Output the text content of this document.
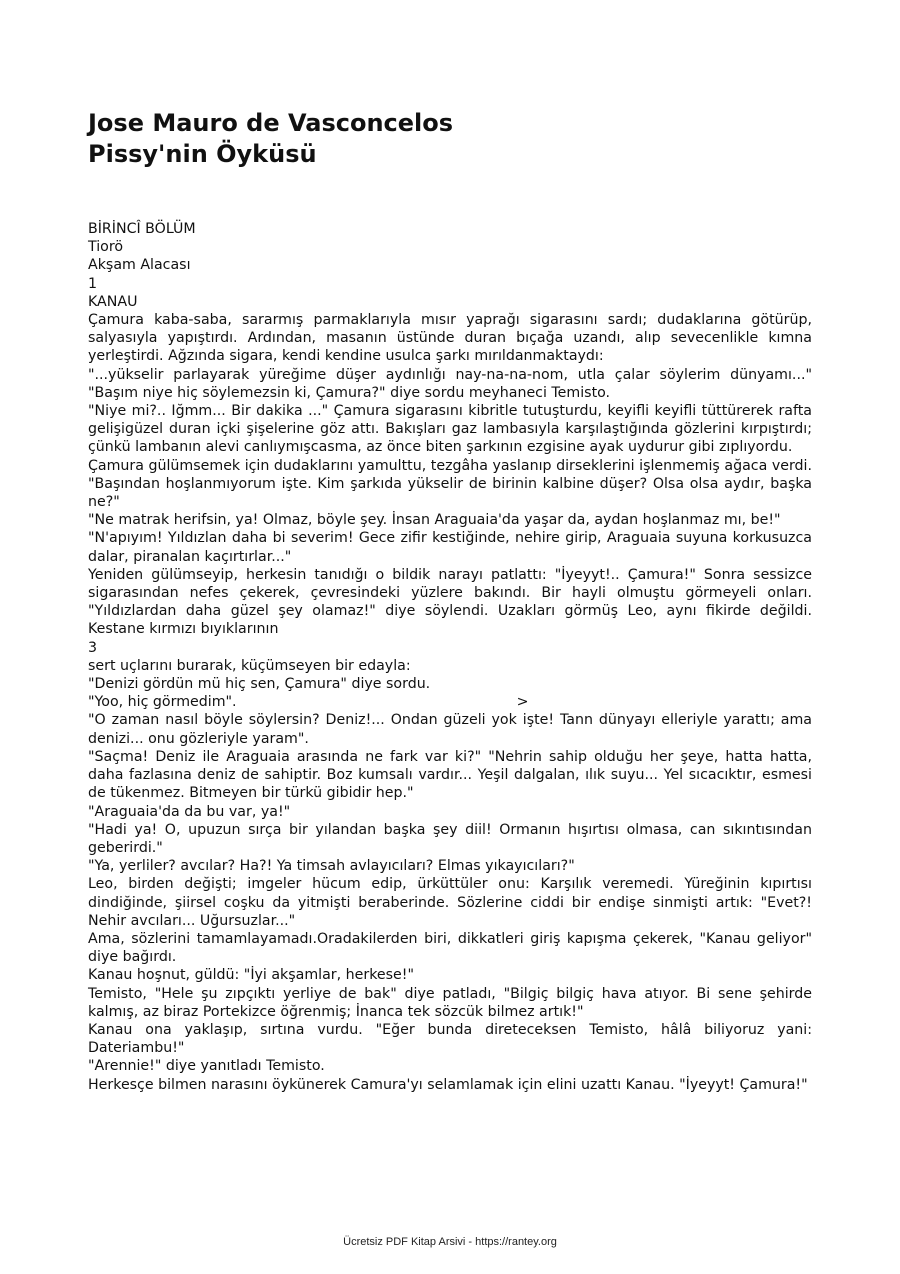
Jose Mauro de Vasconcelos

Pissy'nin Öyküsü

BİRİNCÎ BÖLÜM

Tiorö

Akşam Alacası

1

KANAU

Çamura kaba-saba, sararmış parmaklarıyla mısır yaprağı sigarasını sardı; dudaklarına götürüp, salyasıyla yapıştırdı. Ardından, masanın üstünde duran bıçağa uzandı, alıp sevecenlikle kımna yerleştirdi. Ağzında sigara, kendi kendine usulca şarkı mırıldanmaktaydı:

"...yükselir parlayarak yüreğime düşer aydınlığı nay-na-na-nom, utla çalar söylerim dünyamı..." "Başım niye hiç söylemezsin ki, Çamura?" diye sordu meyhaneci Temisto.

"Niye mi?.. Iğmm... Bir dakika ..." Çamura sigarasını kibritle tutuşturdu, keyifli keyifli tüttürerek rafta gelişigüzel duran içki şişelerine göz attı. Bakışları gaz lambasıyla karşılaştığında gözlerini kırpıştırdı; çünkü lambanın alevi canlıymışcasma, az önce biten şarkının ezgisine ayak uydurur gibi zıplıyordu.

Çamura gülümsemek için dudaklarını yamulttu, tezgâha yaslanıp dirseklerini işlenmemiş ağaca verdi. "Başından hoşlanmıyorum işte. Kim şarkıda yükselir de birinin kalbine düşer? Olsa olsa aydır, başka ne?"

"Ne matrak herifsin, ya! Olmaz, böyle şey. İnsan Araguaia'da yaşar da, aydan hoşlanmaz mı, be!"

"N'apıyım! Yıldızlan daha bi severim! Gece zifir kestiğinde, nehire girip, Araguaia suyuna korkusuzca dalar, piranalan kaçırtırlar..."

Yeniden gülümseyip, herkesin tanıdığı o bildik narayı patlattı: "İyeyyt!.. Çamura!" Sonra sessizce sigarasından nefes çekerek, çevresindeki yüzlere bakındı. Bir hayli olmuştu görmeyeli onları. "Yıldızlardan daha güzel şey olamaz!" diye söylendi. Uzakları görmüş Leo, aynı fikirde değildi. Kestane kırmızı bıyıklarının

3

sert uçlarını burarak, küçümseyen bir edayla:

"Denizi gördün mü hiç sen, Çamura" diye sordu.

"Yoo, hiç görmedim".	>

"O zaman nasıl böyle söylersin? Deniz!... Ondan güzeli yok işte! Tann dünyayı elleriyle yarattı; ama denizi... onu gözleriyle yaram".

"Saçma! Deniz ile Araguaia arasında ne fark var ki?" "Nehrin sahip olduğu her şeye, hatta hatta, daha fazlasına deniz de sahiptir. Boz kumsalı vardır... Yeşil dalgalan, ılık suyu... Yel sıcacıktır, esmesi de tükenmez. Bitmeyen bir türkü gibidir hep."

"Araguaia'da da bu var, ya!"

"Hadi ya! O, upuzun sırça bir yılandan başka şey diil! Ormanın hışırtısı olmasa, can sıkıntısından geberirdi."

"Ya, yerliler? avcılar? Ha?! Ya timsah avlayıcıları? Elmas yıkayıcıları?"

Leo, birden değişti; imgeler hücum edip, ürküttüler onu: Karşılık veremedi. Yüreğinin kıpırtısı dindiğinde, şiirsel coşku da yitmişti beraberinde. Sözlerine ciddi bir endişe sinmişti artık: "Evet?! Nehir avcıları... Uğursuzlar..."

Ama, sözlerini tamamlayamadı.Oradakilerden biri, dikkatleri giriş kapışma çekerek, "Kanau geliyor" diye bağırdı.

Kanau hoşnut, güldü: "İyi akşamlar, herkese!"

Temisto, "Hele şu zıpçıktı yerliye de bak" diye patladı, "Bilgiç bilgiç hava atıyor. Bi sene şehirde kalmış, az biraz Portekizce öğrenmiş; İnanca tek sözcük bilmez artık!"

Kanau ona yaklaşıp, sırtına vurdu. "Eğer bunda direteceksen Temisto, hâlâ biliyoruz yani: Dateriambu!"

"Arennie!" diye yanıtladı Temisto.

Herkesçe bilmen narasını öykünerek Camura'yı selamlamak için elini uzattı Kanau. "İyeyyt! Çamura!"

Ücretsiz PDF Kitap Arsivi - https://rantey.org
